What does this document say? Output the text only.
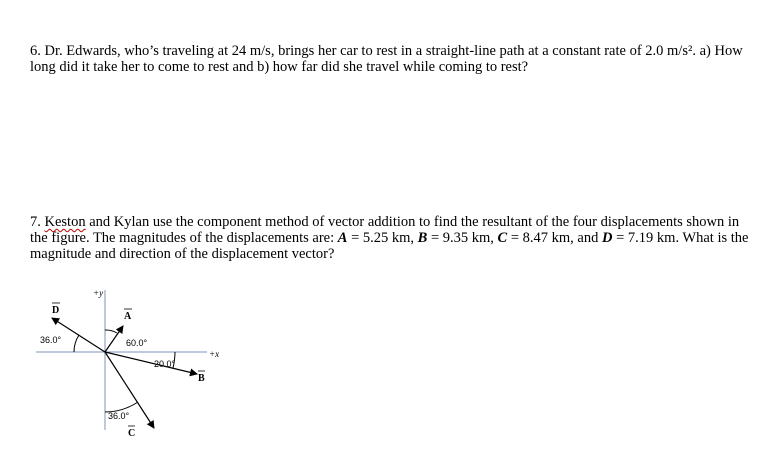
6. Dr. Edwards, who’s traveling at 24 m/s, brings her car to rest in a straight-line path at a constant rate of 2.0 m/s². a) How long did it take her to come to rest and b) how far did she travel while coming to rest?
7. Keston and Kylan use the component method of vector addition to find the resultant of the four displacements shown in the figure. The magnitudes of the displacements are: A = 5.25 km, B = 9.35 km, C = 8.47 km, and D = 7.19 km. What is the magnitude and direction of the displacement vector?
+y
+x
D
A
B
C
36.0°	60.0°
20.0°
36.0°
